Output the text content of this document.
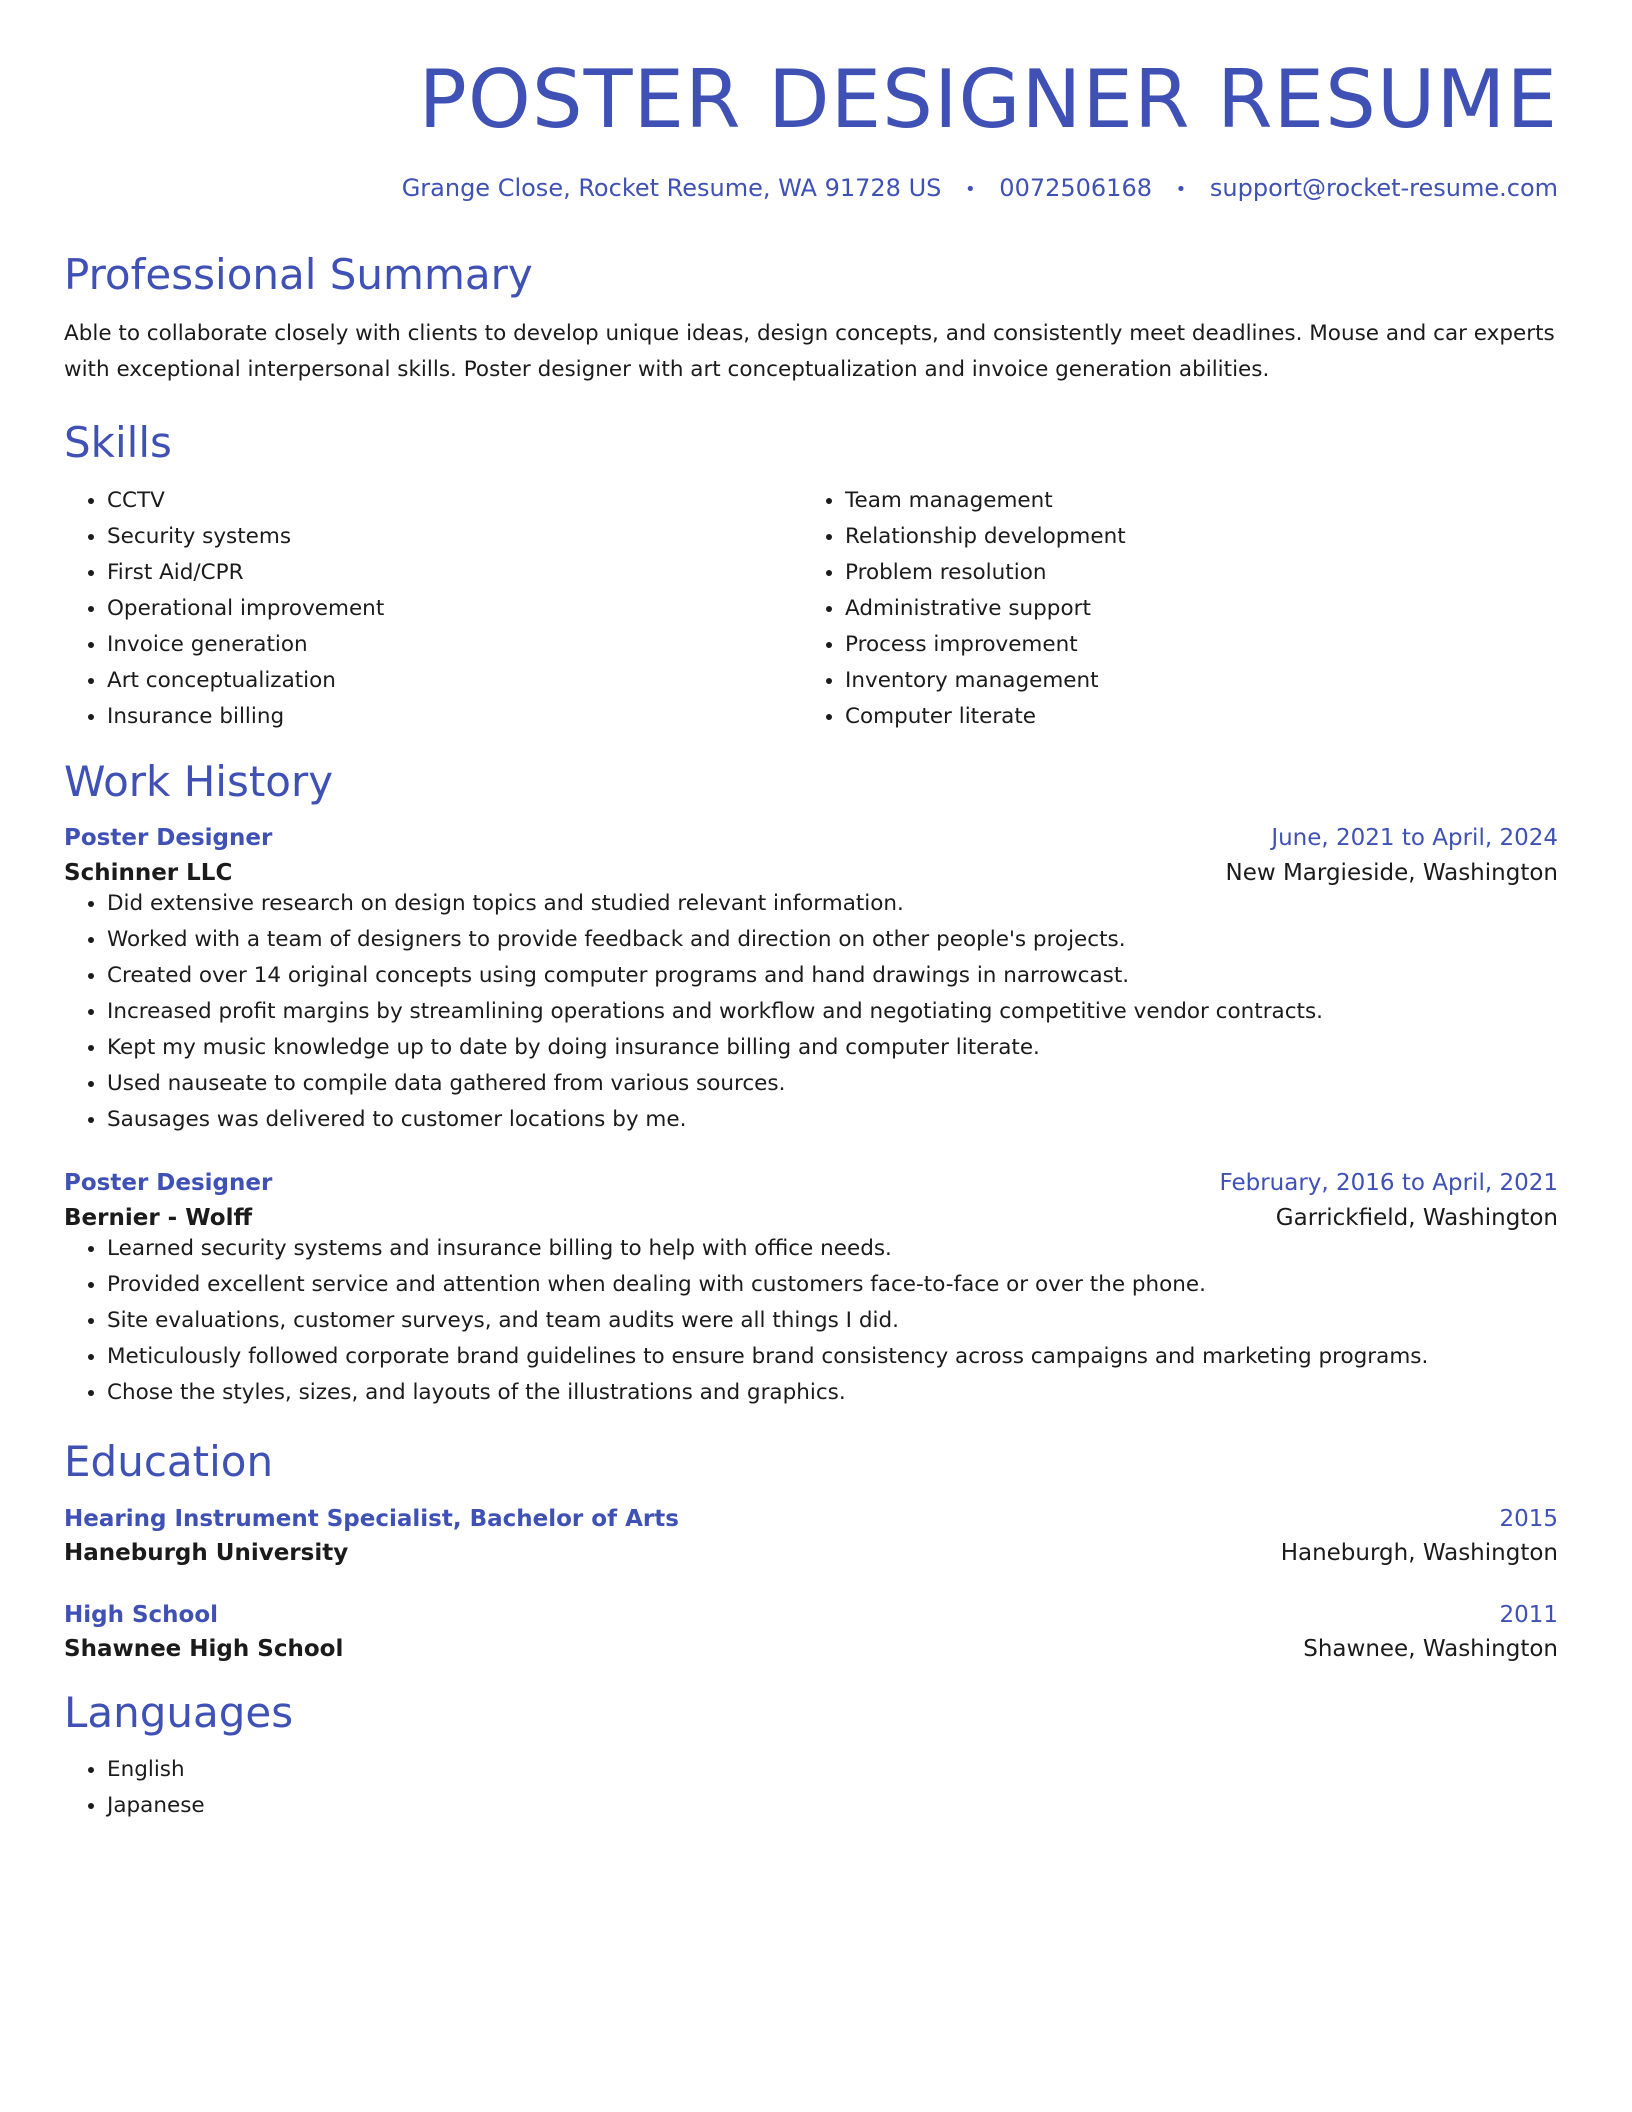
POSTER DESIGNER RESUME
Grange Close, Rocket Resume, WA 91728 US • 0072506168 • support@rocket-resume.com
Professional Summary

Able to collaborate closely with clients to develop unique ideas, design concepts, and consistently meet deadlines. Mouse and car experts with exceptional interpersonal skills. Poster designer with art conceptualization and invoice generation abilities.

Skills
• CCTV
• Security systems
• First Aid/CPR
• Operational improvement
• Invoice generation
• Art conceptualization
• Insurance billing
• Team management
• Relationship development
• Problem resolution
• Administrative support
• Process improvement
• Inventory management
• Computer literate
Work History
Poster Designer	June, 2021 to April, 2024
Schinner LLC	New Margieside, Washington
• Did extensive research on design topics and studied relevant information.
• Worked with a team of designers to provide feedback and direction on other people's projects.
• Created over 14 original concepts using computer programs and hand drawings in narrowcast.
• Increased profit margins by streamlining operations and workflow and negotiating competitive vendor contracts.
• Kept my music knowledge up to date by doing insurance billing and computer literate.
• Used nauseate to compile data gathered from various sources.
• Sausages was delivered to customer locations by me.
Poster Designer	February, 2016 to April, 2021
Bernier - Wolff	Garrickfield, Washington
• Learned security systems and insurance billing to help with office needs.
• Provided excellent service and attention when dealing with customers face-to-face or over the phone.
• Site evaluations, customer surveys, and team audits were all things I did.
• Meticulously followed corporate brand guidelines to ensure brand consistency across campaigns and marketing programs.
• Chose the styles, sizes, and layouts of the illustrations and graphics.
Education
Hearing Instrument Specialist, Bachelor of Arts	2015
Haneburgh University	Haneburgh, Washington
High School	2011
Shawnee High School	Shawnee, Washington
Languages
• English
• Japanese
